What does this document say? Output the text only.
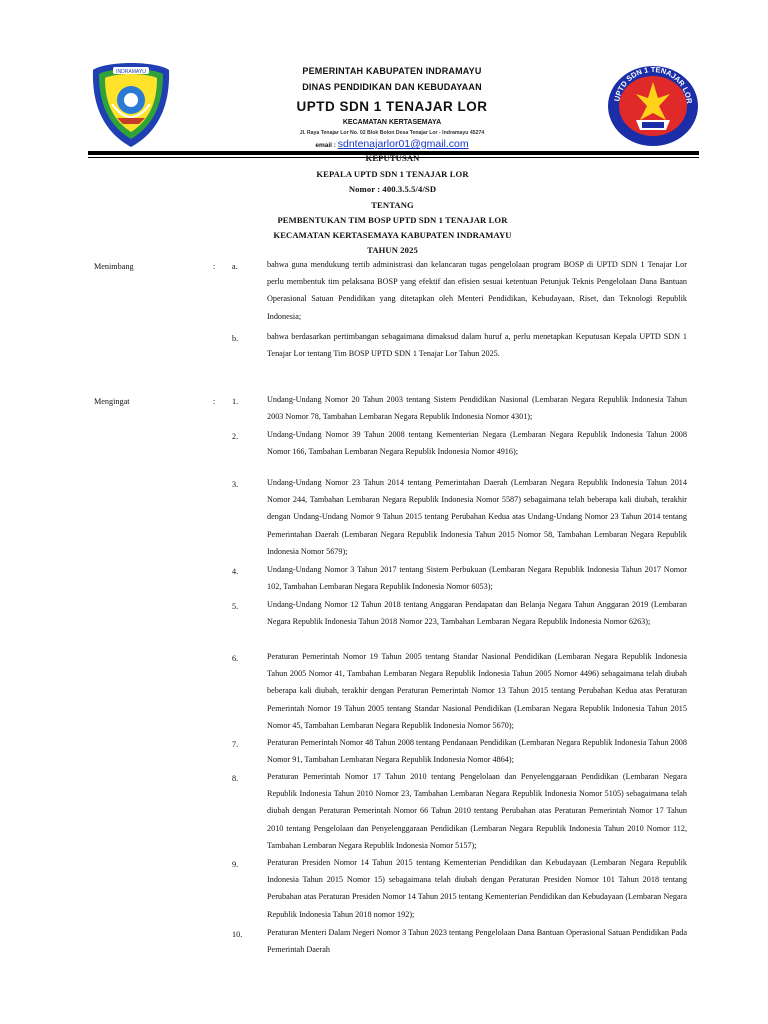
INDRAMAYU	PEMERINTAH KABUPATEN INDRAMAYU
DINAS PENDIDIKAN DAN KEBUDAYAAN
UPTD SDN 1 TENAJAR LOR
KECAMATAN KERTASEMAYA
Jl. Raya Tenajar Lor No. 02 Blok Bolon Desa Tenajar Lor - Indramayu 45274
email : sdntenajarlor01@gmail.com
UPTD SDN 1 TENAJAR LOR
KEPUTUSAN
KEPALA UPTD SDN 1 TENAJAR LOR
Nomor : 400.3.5.5/4/SD
TENTANG
PEMBENTUKAN TIM BOSP UPTD SDN 1 TENAJAR LOR
KECAMATAN KERTASEMAYA KABUPATEN INDRAMAYU
TAHUN 2025
Menimbang	: a.	bahwa guna mendukung tertib administrasi dan kelancaran tugas pengelolaan program BOSP di UPTD SDN 1 Tenajar Lor perlu membentuk tim pelaksana BOSP yang efektif dan efisien sesuai ketentuan Petunjuk Teknis Pengelolaan Dana Bantuan Operasional Satuan Pendidikan yang ditetapkan oleh Menteri Pendidikan, Kebudayaan, Riset, dan Teknologi Republik Indonesia;

b.	bahwa berdasarkan pertimbangan sebagaimana dimaksud dalam huruf a, perlu menetapkan Keputusan Kepala UPTD SDN 1 Tenajar Lor tentang Tim BOSP UPTD SDN 1 Tenajar Lor Tahun 2025.

Mengingat	: 1.	Undang-Undang Nomor 20 Tahun 2003 tentang Sistem Pendidikan Nasional (Lembaran Negara Republik Indonesia Tahun 2003 Nomor 78, Tambahan Lembaran Negara Republik Indonesia Nomor 4301);

2.	Undang-Undang Nomor 39 Tahun 2008 tentang Kementerian Negara (Lembaran Negara Republik Indonesia Tahun 2008 Nomor 166, Tambahan Lembaran Negara Republik Indonesia Nomor 4916);

3.	Undang-Undang Nomor 23 Tahun 2014 tentang Pemerintahan Daerah (Lembaran Negara Republik Indonesia Tahun 2014 Nomor 244, Tambahan Lembaran Negara Republik Indonesia Nomor 5587) sebagaimana telah beberapa kali diubah, terakhir dengan Undang-Undang Nomor 9 Tahun 2015 tentang Perubahan Kedua atas Undang-Undang Nomor 23 Tahun 2014 tentang Pemerintahan Daerah (Lembaran Negara Republik Indonesia Tahun 2015 Nomor 58, Tambahan Lembaran Negara Republik Indonesia Nomor 5679);

4.	Undang-Undang Nomor 3 Tahun 2017 tentang Sistem Perbukuan (Lembaran Negara Republik Indonesia Tahun 2017 Nomor 102, Tambahan Lembaran Negara Republik Indonesia Nomor 6053);

5.	Undang-Undang Nomor 12 Tahun 2018 tentang Anggaran Pendapatan dan Belanja Negara Tahun Anggaran 2019 (Lembaran Negara Republik Indonesia Tahun 2018 Nomor 223, Tambahan Lembaran Negara Republik Indonesia Nomor 6263);

6.	Peraturan Pemerintah Nomor 19 Tahun 2005 tentang Standar Nasional Pendidikan (Lembaran Negara Republik Indonesia Tahun 2005 Nomor 41, Tambahan Lembaran Negara Republik Indonesia Tahun 2005 Nomor 4496) sebagaimana telah diubah beberapa kali diubah, terakhir dengan Peraturan Pemerintah Nomor 13 Tahun 2015 tentang Perubahan Kedua atas Peraturan Pemerintah Nomor 19 Tahun 2005 tentang Standar Nasional Pendidikan (Lembaran Negara Republik Indonesia Tahun 2015 Nomor 45, Tambahan Lembaran Negara Republik Indonesia Nomor 5670);

7.	Peraturan Pemerintah Nomor 48 Tahun 2008 tentang Pendanaan Pendidikan (Lembaran Negara Republik Indonesia Tahun 2008 Nomor 91, Tambahan Lembaran Negara Republik Indonesia Nomor 4864);

8.	Peraturan Pemerintah Nomor 17 Tahun 2010 tentang Pengelolaan dan Penyelenggaraan Pendidikan (Lembaran Negara Republik Indonesia Tahun 2010 Nomor 23, Tambahan Lembaran Negara Republik Indonesia Nomor 5105) sebagaimana telah diubah dengan Peraturan Pemerintah Nomor 66 Tahun 2010 tentang Perubahan atas Peraturan Pemerintah Nomor 17 Tahun 2010 tentang Pengelolaan dan Penyelenggaraan Pendidikan (Lembaran Negara Republik Indonesia Tahun 2010 Nomor 112, Tambahan Lembaran Negara Republik Indonesia Nomor 5157);

9.	Peraturan Presiden Nomor 14 Tahun 2015 tentang Kementerian Pendidikan dan Kebudayaan (Lembaran Negara Republik Indonesia Tahun 2015 Nomor 15) sebagaimana telah diubah dengan Peraturan Presiden Nomor 101 Tahun 2018 tentang Perubahan atas Peraturan Presiden Nomor 14 Tahun 2015 tentang Kementerian Pendidikan dan Kebudayaan (Lembaran Negara Republik Indonesia Tahun 2018 nomor 192);

10.	Peraturan Menteri Dalam Negeri Nomor 3 Tahun 2023 tentang Pengelolaan Dana Bantuan Operasional Satuan Pendidikan Pada Pemerintah Daerah
